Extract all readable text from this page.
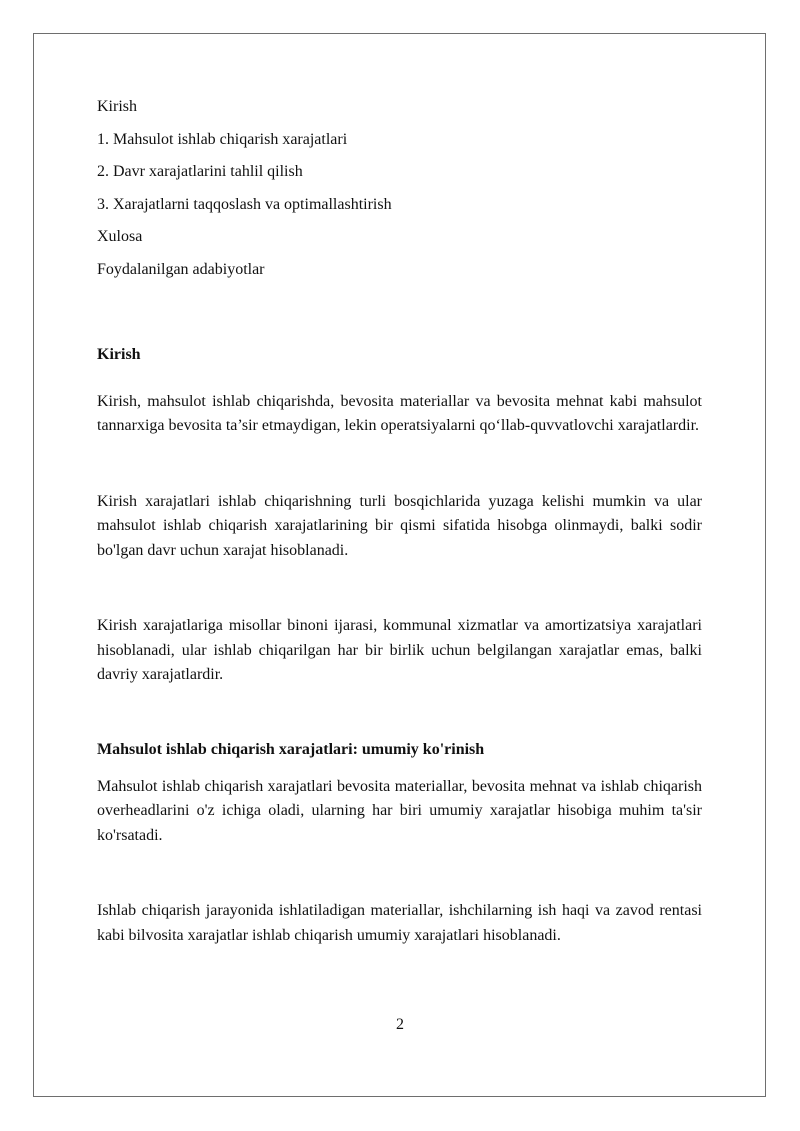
Kirish
1. Mahsulot ishlab chiqarish xarajatlari
2. Davr xarajatlarini tahlil qilish
3. Xarajatlarni taqqoslash va optimallashtirish
Xulosa
Foydalanilgan adabiyotlar
Kirish

Kirish, mahsulot ishlab chiqarishda, bevosita materiallar va bevosita mehnat kabi mahsulot tannarxiga bevosita ta’sir etmaydigan, lekin operatsiyalarni qo‘llab-quvvatlovchi xarajatlardir.

Kirish xarajatlari ishlab chiqarishning turli bosqichlarida yuzaga kelishi mumkin va ular mahsulot ishlab chiqarish xarajatlarining bir qismi sifatida hisobga olinmaydi, balki sodir bo'lgan davr uchun xarajat hisoblanadi.

Kirish xarajatlariga misollar binoni ijarasi, kommunal xizmatlar va amortizatsiya xarajatlari hisoblanadi, ular ishlab chiqarilgan har bir birlik uchun belgilangan xarajatlar emas, balki davriy xarajatlardir.

Mahsulot ishlab chiqarish xarajatlari: umumiy ko'rinish

Mahsulot ishlab chiqarish xarajatlari bevosita materiallar, bevosita mehnat va ishlab chiqarish overheadlarini o'z ichiga oladi, ularning har biri umumiy xarajatlar hisobiga muhim ta'sir ko'rsatadi.

Ishlab chiqarish jarayonida ishlatiladigan materiallar, ishchilarning ish haqi va zavod rentasi kabi bilvosita xarajatlar ishlab chiqarish umumiy xarajatlari hisoblanadi.

2
